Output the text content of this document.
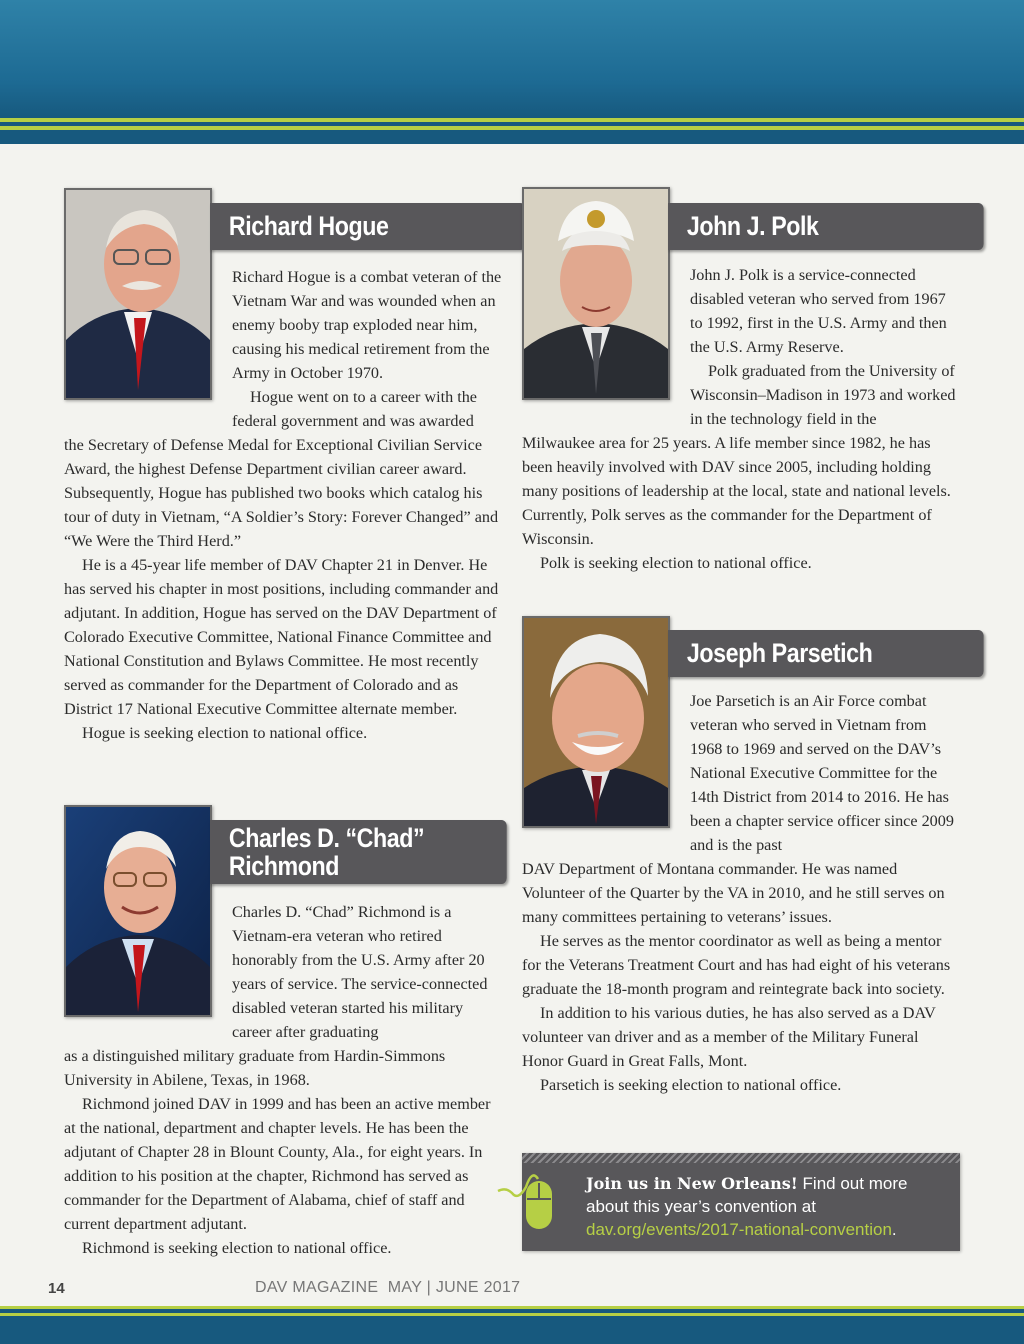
Richard Hogue

Richard Hogue is a combat veteran of the Vietnam War and was wounded when an enemy booby trap exploded near him, causing his medical retirement from the Army in October 1970.

Hogue went on to a career with the federal government and was awarded

the Secretary of Defense Medal for Exceptional Civilian Service Award, the highest Defense Department civilian career award. Subsequently, Hogue has published two books which catalog his tour of duty in Vietnam, “A Soldier’s Story: Forever Changed” and “We Were the Third Herd.”

He is a 45-year life member of DAV Chapter 21 in Denver. He has served his chapter in most positions, including commander and adjutant. In addition, Hogue has served on the DAV Department of Colorado Executive Committee, National Finance Committee and National Constitution and Bylaws Committee. He most recently served as commander for the Department of Colorado and as District 17 National Executive Committee alternate member.

Hogue is seeking election to national office.

Charles D. “Chad”
Richmond

Charles D. “Chad” Richmond is a Vietnam-era veteran who retired honorably from the U.S. Army after 20 years of service. The service-connected disabled veteran started his military career after graduating

as a distinguished military graduate from Hardin-Simmons University in Abilene, Texas, in 1968.

Richmond joined DAV in 1999 and has been an active member at the national, department and chapter levels. He has been the adjutant of Chapter 28 in Blount County, Ala., for eight years. In addition to his position at the chapter, Richmond has served as commander for the Department of Alabama, chief of staff and current department adjutant.

Richmond is seeking election to national office.

John J. Polk

John J. Polk is a service-connected disabled veteran who served from 1967 to 1992, first in the U.S. Army and then the U.S. Army Reserve.

Polk graduated from the University of Wisconsin–Madison in 1973 and worked in the technology field in the

Milwaukee area for 25 years. A life member since 1982, he has been heavily involved with DAV since 2005, including holding many positions of leadership at the local, state and national levels. Currently, Polk serves as the commander for the Department of Wisconsin.

Polk is seeking election to national office.

Joseph Parsetich

Joe Parsetich is an Air Force combat veteran who served in Vietnam from 1968 to 1969 and served on the DAV’s National Executive Committee for the 14th District from 2014 to 2016. He has been a chapter service officer since 2009 and is the past

DAV Department of Montana commander. He was named Volunteer of the Quarter by the VA in 2010, and he still serves on many committees pertaining to veterans’ issues.

He serves as the mentor coordinator as well as being a mentor for the Veterans Treatment Court and has had eight of his veterans graduate the 18-month program and reintegrate back into society.

In addition to his various duties, he has also served as a DAV volunteer van driver and as a member of the Military Funeral Honor Guard in Great Falls, Mont.

Parsetich is seeking election to national office.

Join us in New Orleans! Find out more about this year’s convention at dav.org/events/2017-national-convention.
14	DAV MAGAZINE  MAY | JUNE 2017
